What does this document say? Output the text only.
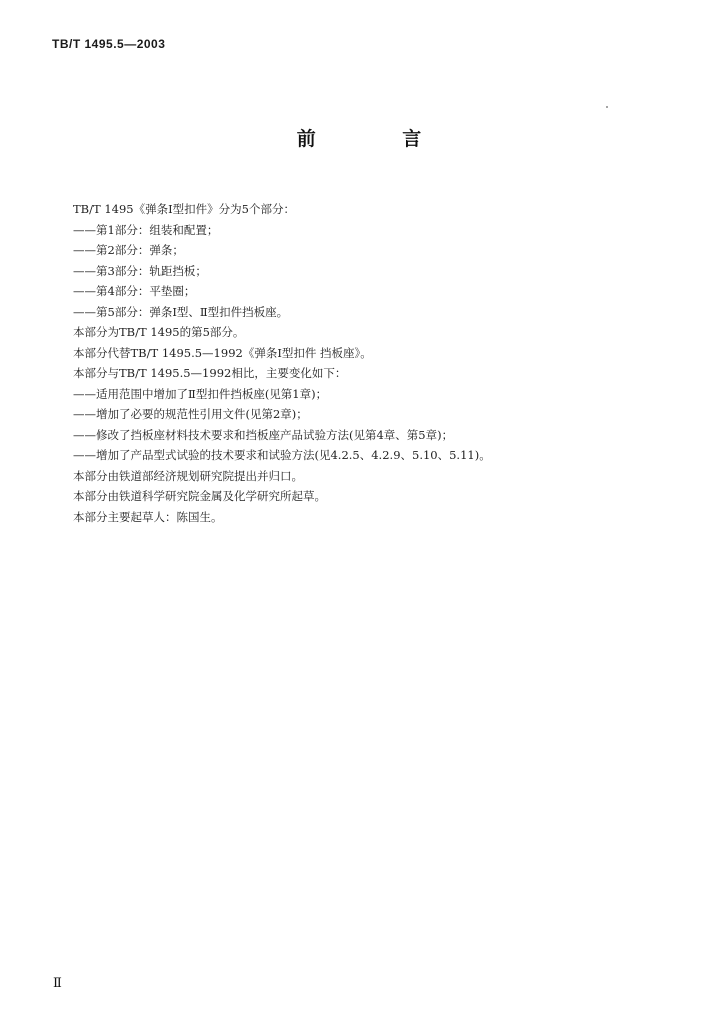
TB/T 1495.5—2003
前 言
TB/T 1495《弹条Ⅰ型扣件》分为5个部分：
——第1部分：组装和配置；
——第2部分：弹条；
——第3部分：轨距挡板；
——第4部分：平垫圈；
——第5部分：弹条Ⅰ型、Ⅱ型扣件挡板座。
本部分为TB/T 1495的第5部分。
本部分代替TB/T 1495.5—1992《弹条Ⅰ型扣件 挡板座》。
本部分与TB/T 1495.5—1992相比，主要变化如下：
——适用范围中增加了Ⅱ型扣件挡板座(见第1章)；
——增加了必要的规范性引用文件(见第2章)；
——修改了挡板座材料技术要求和挡板座产品试验方法(见第4章、第5章)；
——增加了产品型式试验的技术要求和试验方法(见4.2.5、4.2.9、5.10、5.11)。
本部分由铁道部经济规划研究院提出并归口。
本部分由铁道科学研究院金属及化学研究所起草。
本部分主要起草人：陈国生。
Ⅱ
